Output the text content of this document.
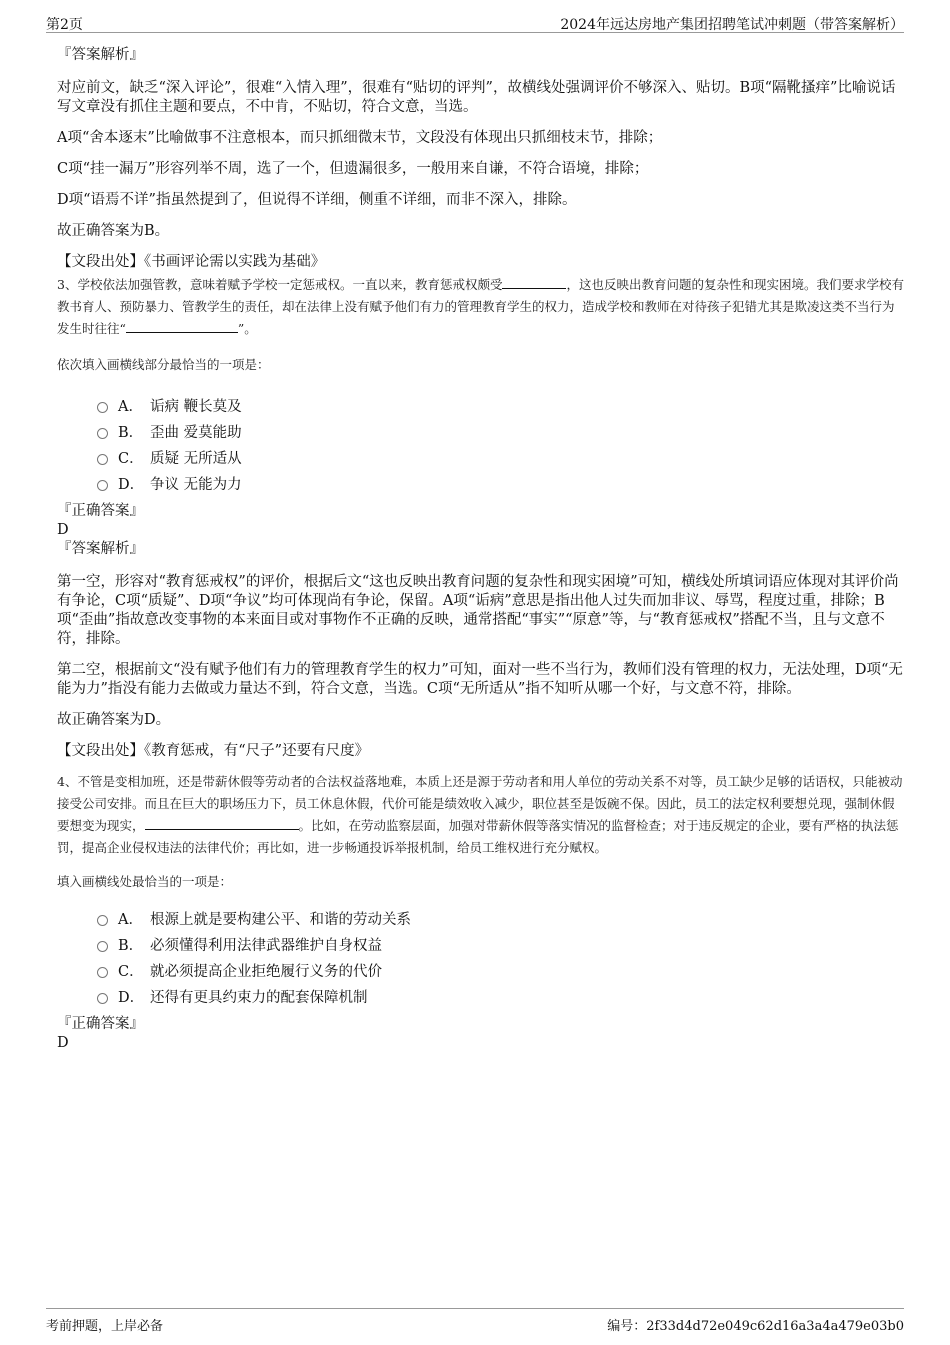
第2页	2024年远达房地产集团招聘笔试冲刺题（带答案解析）

『答案解析』

对应前文，缺乏“深入评论”，很难“入情入理”，很难有“贴切的评判”，故横线处强调评价不够深入、贴切。B项“隔靴搔痒”比喻说话写文章没有抓住主题和要点，不中肯，不贴切，符合文意，当选。

A项“舍本逐末”比喻做事不注意根本，而只抓细微末节，文段没有体现出只抓细枝末节，排除；

C项“挂一漏万”形容列举不周，选了一个，但遗漏很多，一般用来自谦，不符合语境，排除；

D项“语焉不详”指虽然提到了，但说得不详细，侧重不详细，而非不深入，排除。

故正确答案为B。

【文段出处】《书画评论需以实践为基础》

3、学校依法加强管教，意味着赋予学校一定惩戒权。一直以来，教育惩戒权颇受	，这也反映出教育问题的复杂性和现实困境。我们要求学校有教书育人、预防暴力、管教学生的责任，却在法律上没有赋予他们有力的管理教育学生的权力，造成学校和教师在对待孩子犯错尤其是欺凌这类不当行为发生时往往“	”。

依次填入画横线部分最恰当的一项是：

A． 诟病 鞭长莫及
B． 歪曲 爱莫能助
C． 质疑 无所适从
D． 争议 无能为力

『正确答案』

D

『答案解析』

第一空，形容对“教育惩戒权”的评价，根据后文“这也反映出教育问题的复杂性和现实困境”可知，横线处所填词语应体现对其评价尚有争论，C项“质疑”、D项“争议”均可体现尚有争论，保留。A项“诟病”意思是指出他人过失而加非议、辱骂，程度过重，排除；B项“歪曲”指故意改变事物的本来面目或对事物作不正确的反映，通常搭配“事实”“原意”等，与“教育惩戒权”搭配不当，且与文意不符，排除。

第二空，根据前文“没有赋予他们有力的管理教育学生的权力”可知，面对一些不当行为，教师们没有管理的权力，无法处理，D项“无能为力”指没有能力去做或力量达不到，符合文意，当选。C项“无所适从”指不知听从哪一个好，与文意不符，排除。

故正确答案为D。

【文段出处】《教育惩戒，有“尺子”还要有尺度》

4、不管是变相加班，还是带薪休假等劳动者的合法权益落地难，本质上还是源于劳动者和用人单位的劳动关系不对等，员工缺少足够的话语权，只能被动接受公司安排。而且在巨大的职场压力下，员工休息休假，代价可能是绩效收入减少，职位甚至是饭碗不保。因此，员工的法定权利要想兑现，强制休假要想变为现实，	。比如，在劳动监察层面，加强对带薪休假等落实情况的监督检查；对于违反规定的企业，要有严格的执法惩罚，提高企业侵权违法的法律代价；再比如，进一步畅通投诉举报机制，给员工维权进行充分赋权。

填入画横线处最恰当的一项是：

A． 根源上就是要构建公平、和谐的劳动关系
B． 必须懂得利用法律武器维护自身权益
C． 就必须提高企业拒绝履行义务的代价
D． 还得有更具约束力的配套保障机制

『正确答案』

D

考前押题，上岸必备	编号：2f33d4d72e049c62d16a3a4a479e03b0
